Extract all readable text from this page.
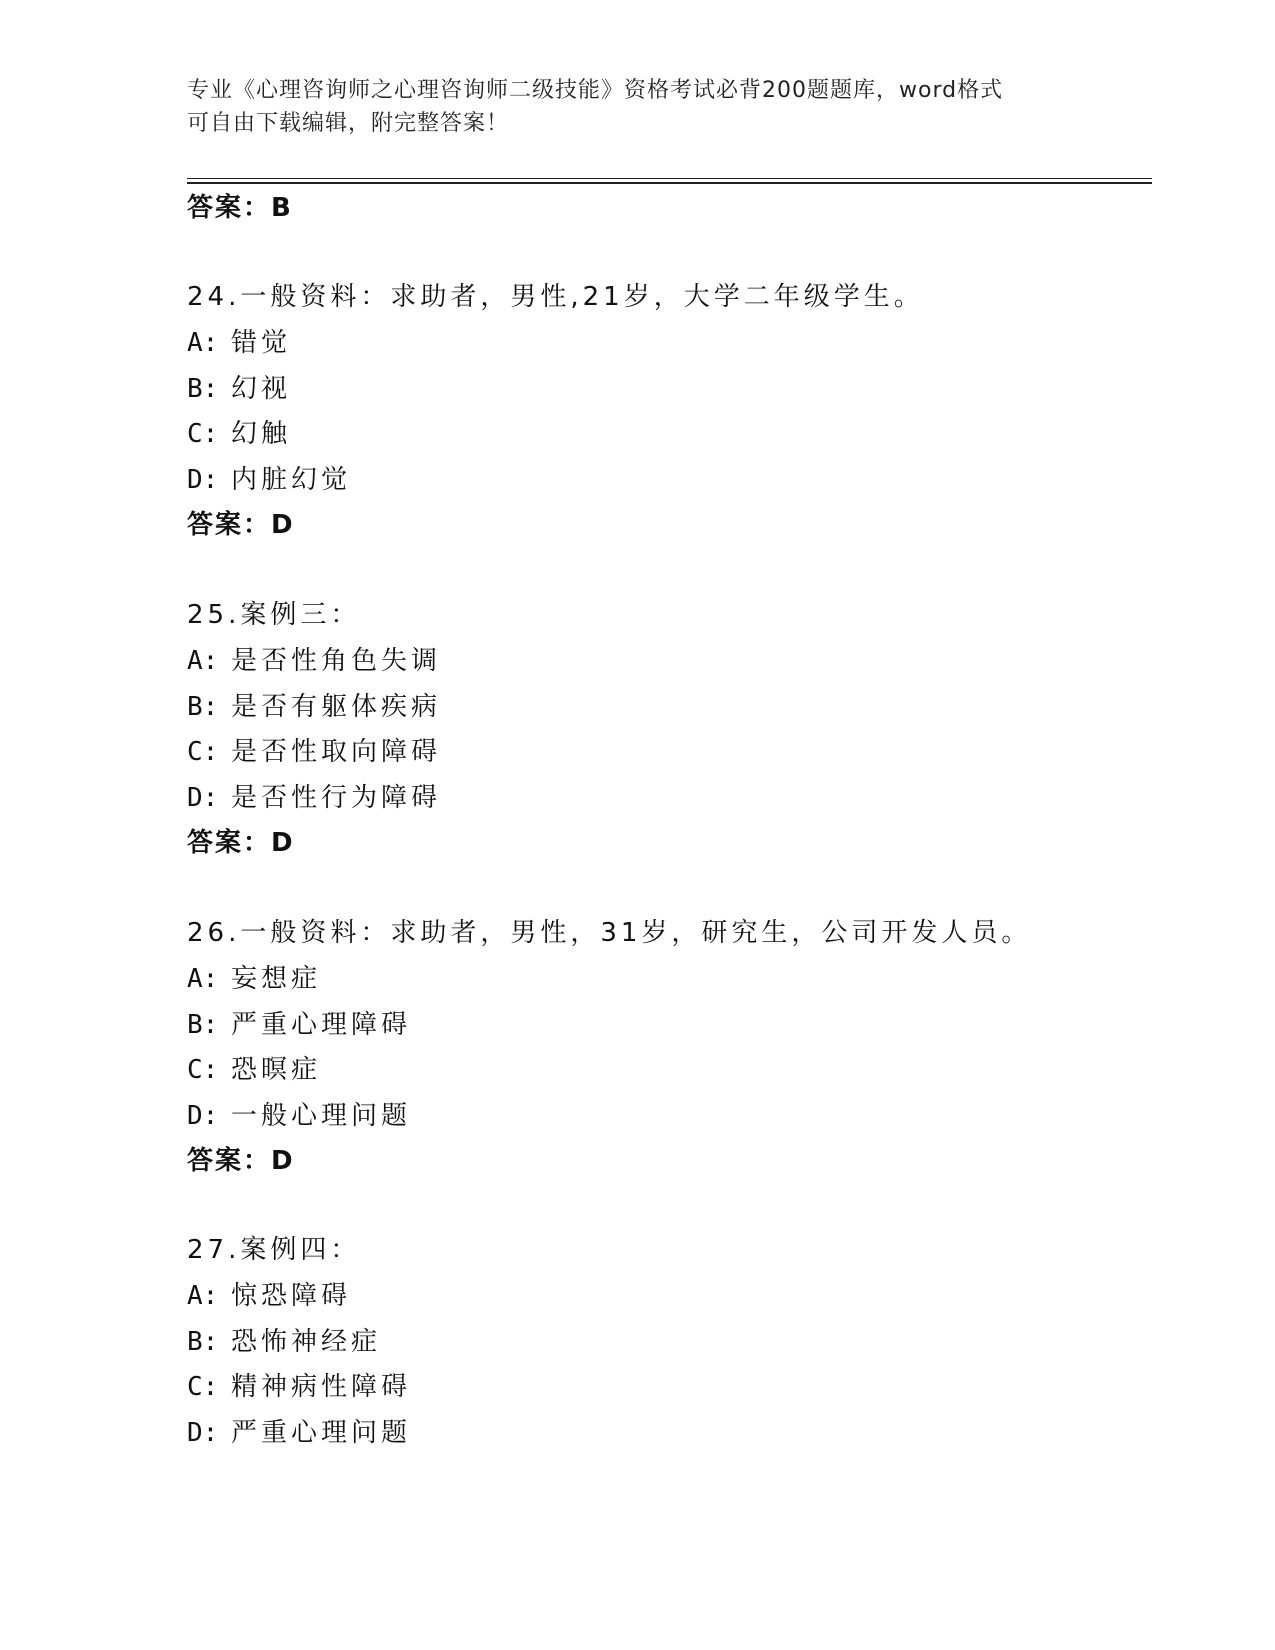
专业《心理咨询师之心理咨询师二级技能》资格考试必背200题题库，word格式
可自由下载编辑，附完整答案！
答案：B
24.一般资料：求助者，男性,21岁，大学二年级学生。
A: 错觉
B: 幻视
C: 幻触
D: 内脏幻觉
答案：D
25.案例三：
A: 是否性角色失调
B: 是否有躯体疾病
C: 是否性取向障碍
D: 是否性行为障碍
答案：D
26.一般资料：求助者，男性，31岁，研究生，公司开发人员。
A: 妄想症
B: 严重心理障碍
C: 恐暝症
D: 一般心理问题
答案：D
27.案例四：
A: 惊恐障碍
B: 恐怖神经症
C: 精神病性障碍
D: 严重心理问题
